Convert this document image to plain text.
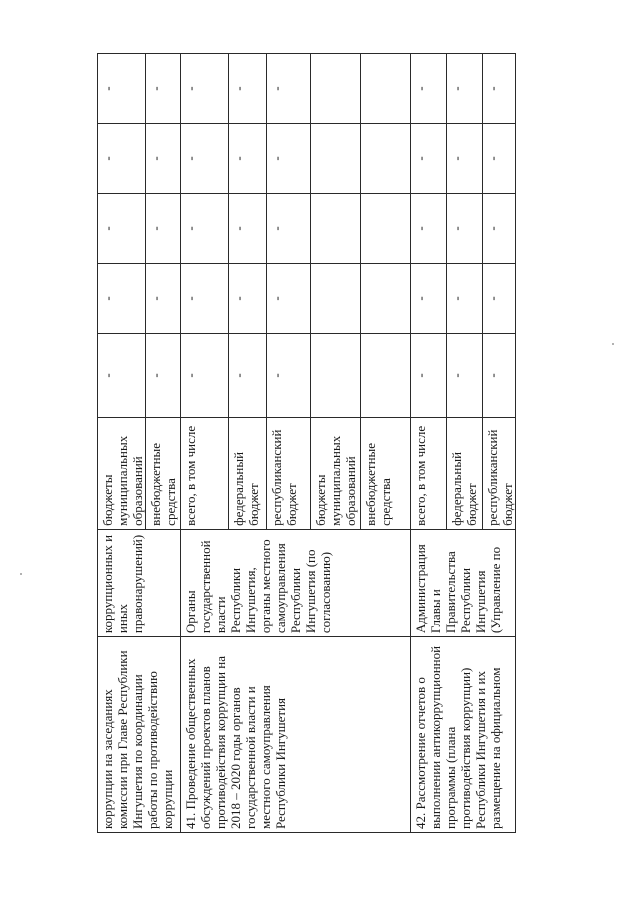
коррупции на заседаниях комиссии при Главе Республики Ингушетия по координации работы по противодействию коррупции	коррупционных и иных правонарушений)	бюджеты муниципальных образований	-	-	-	-	-
		внебюджетные средства	-	-	-	-	-
41. Проведение общественных обсуждений проектов планов противодействия коррупции на 2018 – 2020 годы органов государственной власти и местного самоуправления Республики Ингушетия	Органы государственной власти Республики Ингушетия, органы местного самоуправления Республики Ингушетия (по согласованию)	всего, в том числе	-	-	-	-	-
		федеральный бюджет	-	-	-	-	-
		республиканский бюджет	-	-	-	-	-
		бюджеты муниципальных образований					
		внебюджетные средства					
42. Рассмотрение отчетов о выполнении антикоррупционной программы (плана противодействия коррупции) Республики Ингушетия и их размещение на официальном	Администрация Главы и Правительства Республики Ингушетия (Управление по	всего, в том числе	-	-	-	-	-
		федеральный бюджет	-	-	-	-	-
		республиканский бюджет	-	-	-	-	-
